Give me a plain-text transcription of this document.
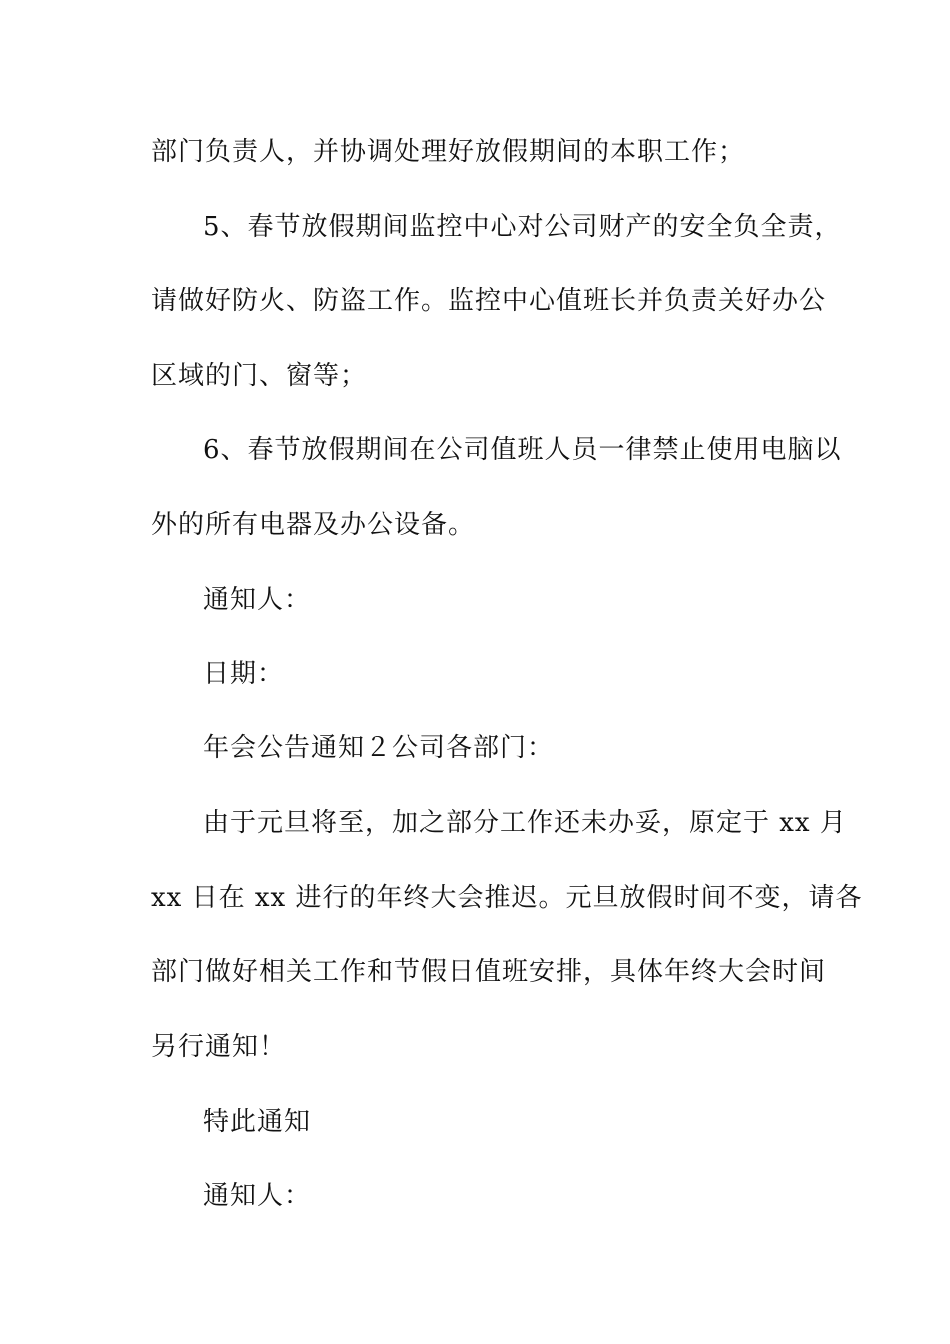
部门负责人，并协调处理好放假期间的本职工作；
5、春节放假期间监控中心对公司财产的安全负全责，
请做好防火、防盗工作。监控中心值班长并负责关好办公
区域的门、窗等；
6、春节放假期间在公司值班人员一律禁止使用电脑以
外的所有电器及办公设备。
通知人：
日期：
年会公告通知２公司各部门：
由于元旦将至，加之部分工作还未办妥，原定于 xx 月
xx 日在 xx 进行的年终大会推迟。元旦放假时间不变，请各
部门做好相关工作和节假日值班安排，具体年终大会时间
另行通知！
特此通知
通知人：
